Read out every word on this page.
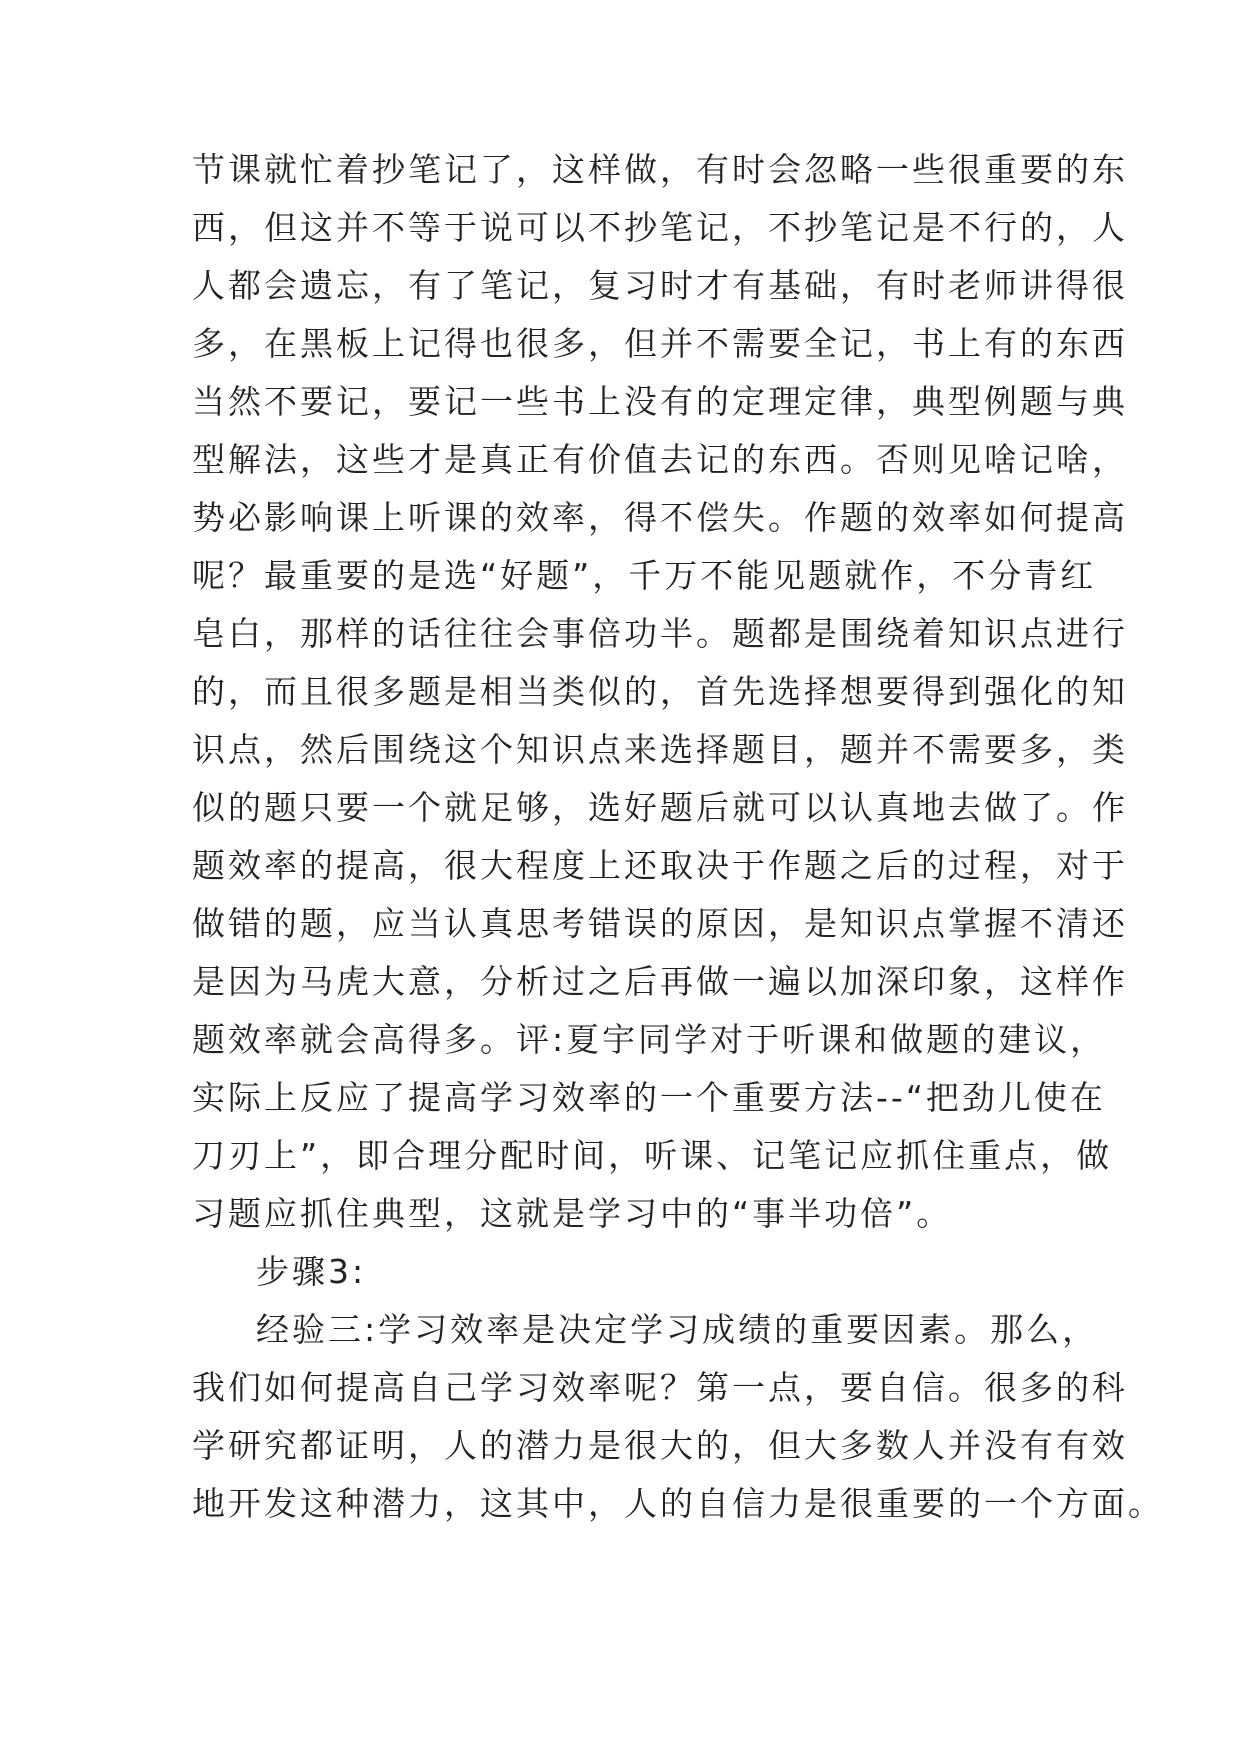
节课就忙着抄笔记了，这样做，有时会忽略一些很重要的东
西，但这并不等于说可以不抄笔记，不抄笔记是不行的，人
人都会遗忘，有了笔记，复习时才有基础，有时老师讲得很
多，在黑板上记得也很多，但并不需要全记，书上有的东西
当然不要记，要记一些书上没有的定理定律，典型例题与典
型解法，这些才是真正有价值去记的东西。否则见啥记啥，
势必影响课上听课的效率，得不偿失。作题的效率如何提高
呢？最重要的是选“好题”，千万不能见题就作，不分青红
皂白，那样的话往往会事倍功半。题都是围绕着知识点进行
的，而且很多题是相当类似的，首先选择想要得到强化的知
识点，然后围绕这个知识点来选择题目，题并不需要多，类
似的题只要一个就足够，选好题后就可以认真地去做了。作
题效率的提高，很大程度上还取决于作题之后的过程，对于
做错的题，应当认真思考错误的原因，是知识点掌握不清还
是因为马虎大意，分析过之后再做一遍以加深印象，这样作
题效率就会高得多。评:夏宇同学对于听课和做题的建议，
实际上反应了提高学习效率的一个重要方法--“把劲儿使在
刀刃上”，即合理分配时间，听课、记笔记应抓住重点，做
习题应抓住典型，这就是学习中的“事半功倍”。
步骤3:
经验三:学习效率是决定学习成绩的重要因素。那么，
我们如何提高自己学习效率呢？第一点，要自信。很多的科
学研究都证明，人的潜力是很大的，但大多数人并没有有效
地开发这种潜力，这其中，人的自信力是很重要的一个方面。
